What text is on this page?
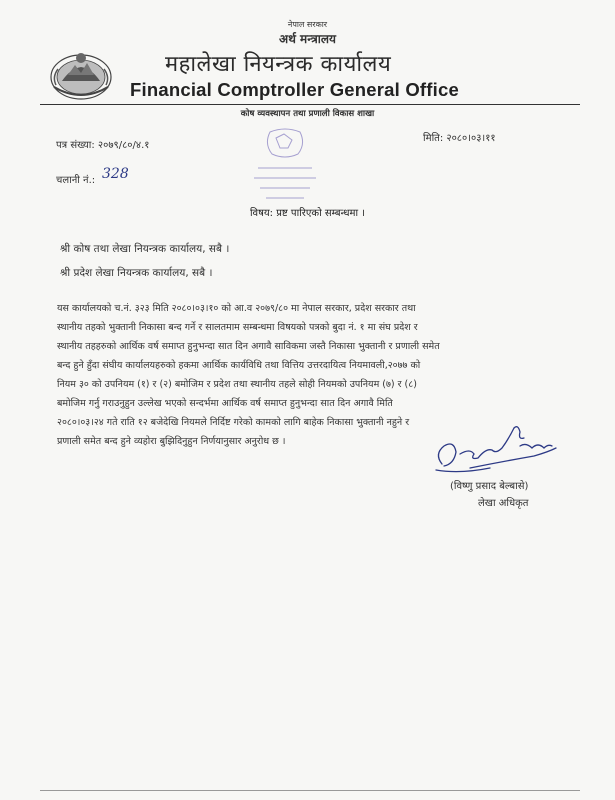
नेपाल सरकार
अर्थ मन्त्रालय
महालेखा नियन्त्रक कार्यालय
Financial Comptroller General Office
कोष व्यवस्थापन तथा प्रणाली विकास शाखा
पत्र संख्या: २०७९/८०/४.१
मिति: २०८०।०३।११
चलानी नं.: 328
विषय: प्रष्ट पारिएको सम्बन्धमा ।
श्री कोष तथा लेखा नियन्त्रक कार्यालय, सबै ।
श्री प्रदेश लेखा नियन्त्रक कार्यालय, सबै ।
यस कार्यालयको च.नं. ३२३ मिति २०८०।०३।१० को आ.व २०७९/८० मा नेपाल सरकार, प्रदेश सरकार तथा
स्थानीय तहको भुक्तानी निकासा बन्द गर्ने र सालतमाम सम्बन्धमा विषयको पत्रको बुदा नं. १ मा संघ प्रदेश र
स्थानीय तहहरुको आर्थिक वर्ष समाप्त हुनुभन्दा सात दिन अगावै साविकमा जस्तै निकासा भुक्तानी र प्रणाली समेत
बन्द हुने हुँदा संघीय कार्यालयहरुको हकमा आर्थिक कार्यविधि तथा वित्तिय उत्तरदायित्व नियमावली,२०७७ को
नियम ३० को उपनियम (१) र (२) बमोजिम र प्रदेश तथा स्थानीय तहले सोही नियमको उपनियम (७) र (८)
बमोजिम गर्नु गराउनुहुन उल्लेख भएको सन्दर्भमा आर्थिक वर्ष समाप्त हुनुभन्दा सात दिन अगावै मिति
२०८०।०३।२४ गते राति १२ बजेदेखि नियमले निर्दिष्ट गरेको कामको लागि बाहेक निकासा भुक्तानी नहुने र
प्रणाली समेत बन्द हुने व्यहोरा बुझिदिनुहुन निर्णयानुसार अनुरोध छ ।
(विष्णु प्रसाद बेल्बासे)
लेखा अधिकृत
